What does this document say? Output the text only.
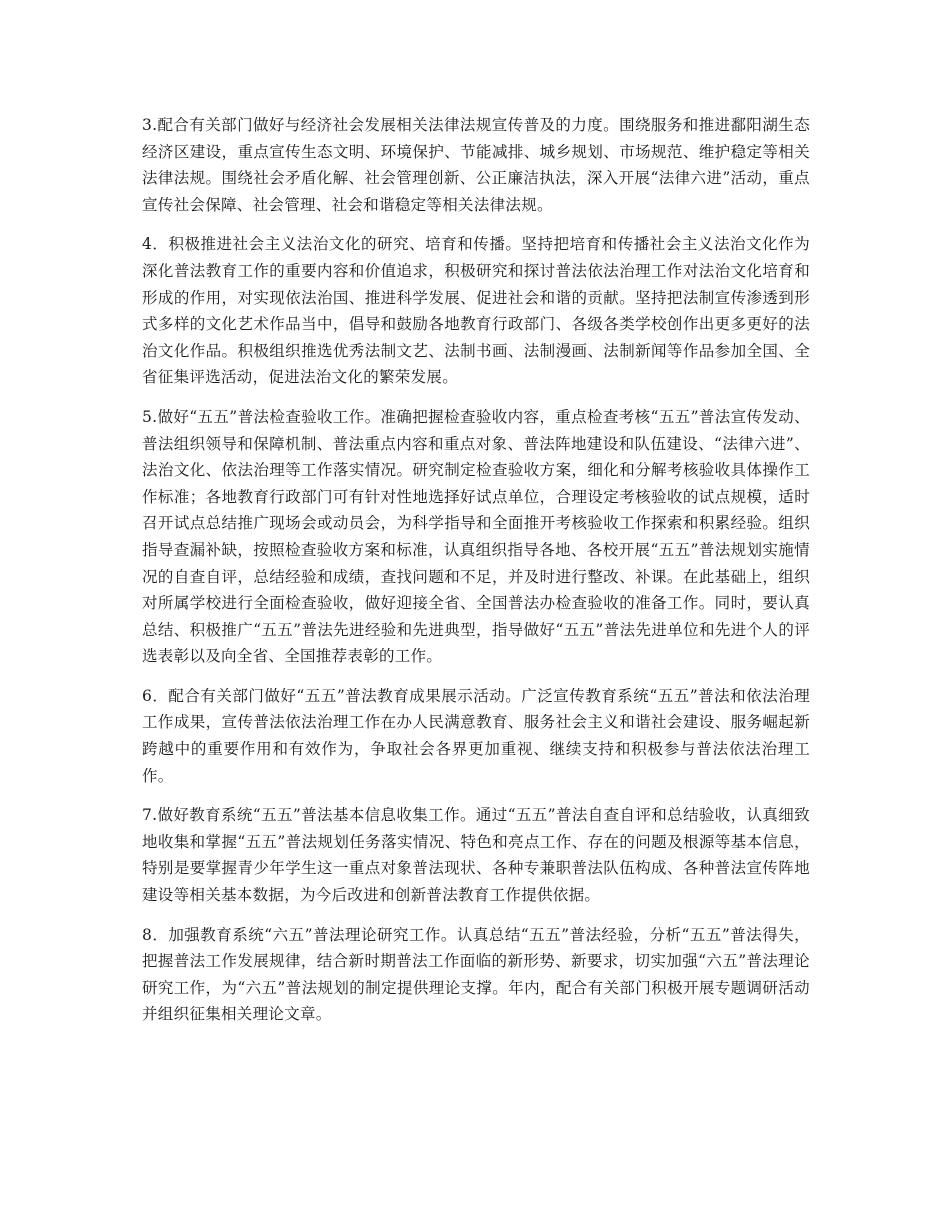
3.配合有关部门做好与经济社会发展相关法律法规宣传普及的力度。围绕服务和推进鄱阳湖生态经济区建设，重点宣传生态文明、环境保护、节能减排、城乡规划、市场规范、维护稳定等相关法律法规。围绕社会矛盾化解、社会管理创新、公正廉洁执法，深入开展“法律六进”活动，重点宣传社会保障、社会管理、社会和谐稳定等相关法律法规。

4．积极推进社会主义法治文化的研究、培育和传播。坚持把培育和传播社会主义法治文化作为深化普法教育工作的重要内容和价值追求，积极研究和探讨普法依法治理工作对法治文化培育和形成的作用，对实现依法治国、推进科学发展、促进社会和谐的贡献。坚持把法制宣传渗透到形式多样的文化艺术作品当中，倡导和鼓励各地教育行政部门、各级各类学校创作出更多更好的法治文化作品。积极组织推选优秀法制文艺、法制书画、法制漫画、法制新闻等作品参加全国、全省征集评选活动，促进法治文化的繁荣发展。

5.做好“五五”普法检查验收工作。准确把握检查验收内容，重点检查考核“五五”普法宣传发动、普法组织领导和保障机制、普法重点内容和重点对象、普法阵地建设和队伍建设、“法律六进”、法治文化、依法治理等工作落实情况。研究制定检查验收方案，细化和分解考核验收具体操作工作标准；各地教育行政部门可有针对性地选择好试点单位，合理设定考核验收的试点规模，适时召开试点总结推广现场会或动员会，为科学指导和全面推开考核验收工作探索和积累经验。组织指导查漏补缺，按照检查验收方案和标准，认真组织指导各地、各校开展“五五”普法规划实施情况的自查自评，总结经验和成绩，查找问题和不足，并及时进行整改、补课。在此基础上，组织对所属学校进行全面检查验收，做好迎接全省、全国普法办检查验收的准备工作。同时，要认真总结、积极推广“五五”普法先进经验和先进典型，指导做好“五五”普法先进单位和先进个人的评选表彰以及向全省、全国推荐表彰的工作。

6．配合有关部门做好“五五”普法教育成果展示活动。广泛宣传教育系统“五五”普法和依法治理工作成果，宣传普法依法治理工作在办人民满意教育、服务社会主义和谐社会建设、服务崛起新跨越中的重要作用和有效作为，争取社会各界更加重视、继续支持和积极参与普法依法治理工作。

7.做好教育系统“五五”普法基本信息收集工作。通过“五五”普法自查自评和总结验收，认真细致地收集和掌握“五五”普法规划任务落实情况、特色和亮点工作、存在的问题及根源等基本信息，特别是要掌握青少年学生这一重点对象普法现状、各种专兼职普法队伍构成、各种普法宣传阵地建设等相关基本数据，为今后改进和创新普法教育工作提供依据。

8．加强教育系统“六五”普法理论研究工作。认真总结“五五”普法经验，分析“五五”普法得失，把握普法工作发展规律，结合新时期普法工作面临的新形势、新要求，切实加强“六五”普法理论研究工作，为“六五”普法规划的制定提供理论支撑。年内，配合有关部门积极开展专题调研活动并组织征集相关理论文章。
